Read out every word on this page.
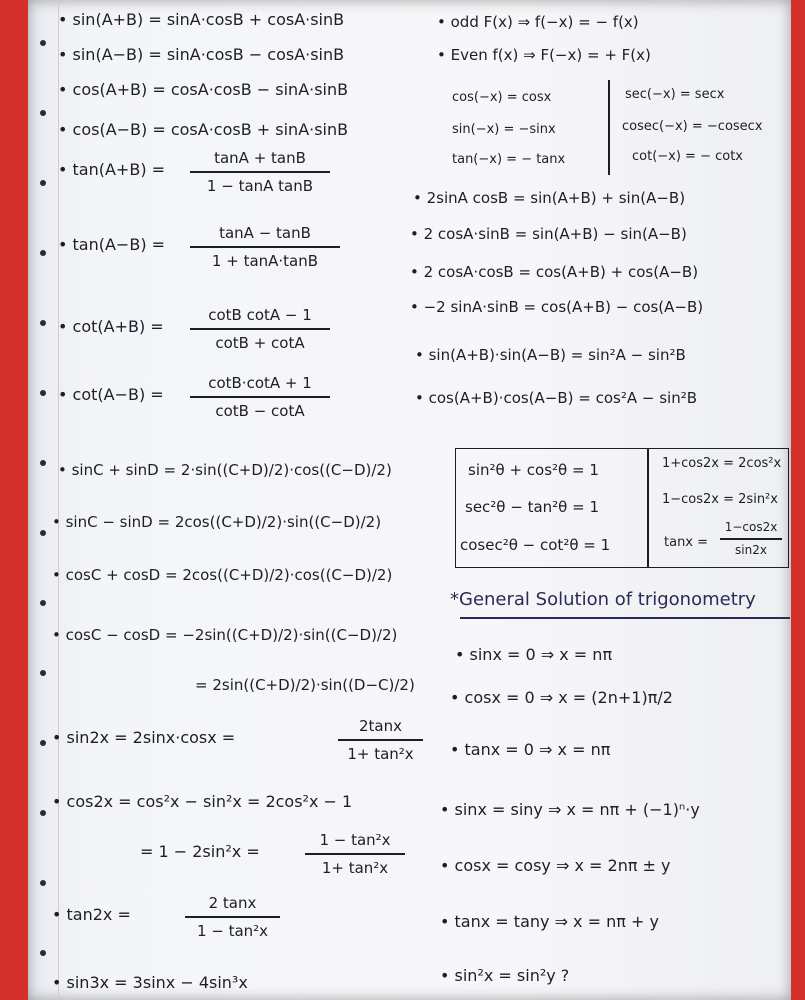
• sin(A+B) = sinA·cosB + cosA·sinB
• sin(A−B) = sinA·cosB − cosA·sinB
• cos(A+B) = cosA·cosB − sinA·sinB
• cos(A−B) = cosA·cosB + sinA·sinB
• tan(A+B) =
tanA + tanB
1 − tanA tanB
• tan(A−B) =
tanA − tanB
1 + tanA·tanB
• cot(A+B) =
cotB cotA − 1
cotB + cotA
• cot(A−B) =
cotB·cotA + 1
cotB − cotA
• sinC + sinD = 2·sin((C+D)/2)·cos((C−D)/2)
• sinC − sinD = 2cos((C+D)/2)·sin((C−D)/2)
• cosC + cosD = 2cos((C+D)/2)·cos((C−D)/2)
• cosC − cosD = −2sin((C+D)/2)·sin((C−D)/2)
= 2sin((C+D)/2)·sin((D−C)/2)
• sin2x = 2sinx·cosx =
2tanx
1+ tan²x
• cos2x = cos²x − sin²x = 2cos²x − 1
= 1 − 2sin²x =
1 − tan²x
1+ tan²x
• tan2x =
2 tanx
1 − tan²x
• sin3x = 3sinx − 4sin³x
• odd F(x) ⇒ f(−x) = − f(x)
• Even f(x) ⇒ F(−x) = + F(x)
cos(−x) = cosx
sin(−x) = −sinx
tan(−x) = − tanx
sec(−x) = secx
cosec(−x) = −cosecx
cot(−x) = − cotx
• 2sinA cosB = sin(A+B) + sin(A−B)
• 2 cosA·sinB = sin(A+B) − sin(A−B)
• 2 cosA·cosB = cos(A+B) + cos(A−B)
• −2 sinA·sinB = cos(A+B) − cos(A−B)
• sin(A+B)·sin(A−B) = sin²A − sin²B
• cos(A+B)·cos(A−B) = cos²A − sin²B
sin²θ + cos²θ = 1
sec²θ − tan²θ = 1
cosec²θ − cot²θ = 1
1+cos2x = 2cos²x
1−cos2x = 2sin²x
tanx =
1−cos2x
sin2x
*General Solution of trigonometry
• sinx = 0 ⇒ x = nπ
• cosx = 0 ⇒ x = (2n+1)π/2
• tanx = 0 ⇒ x = nπ
• sinx = siny ⇒ x = nπ + (−1)ⁿ·y
• cosx = cosy ⇒ x = 2nπ ± y
• tanx = tany ⇒ x = nπ + y
• sin²x = sin²y ?
